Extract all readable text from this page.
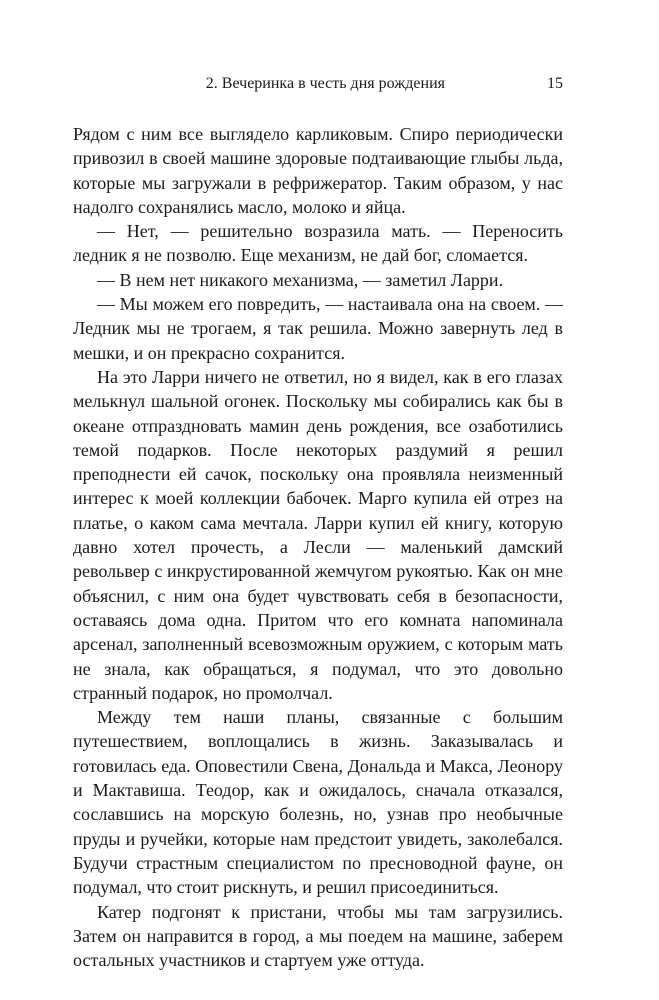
2. Вечеринка в честь дня рождения	15

Рядом с ним все выглядело карликовым. Спиро периодически привозил в своей машине здоровые подтаивающие глыбы льда, которые мы загружали в рефрижератор. Таким образом, у нас надолго сохранялись масло, молоко и яйца.

— Нет, — решительно возразила мать. — Переносить ледник я не позволю. Еще механизм, не дай бог, сломается.

— В нем нет никакого механизма, — заметил Ларри.

— Мы можем его повредить, — настаивала она на своем. — Ледник мы не трогаем, я так решила. Можно завернуть лед в мешки, и он прекрасно сохранится.

На это Ларри ничего не ответил, но я видел, как в его глазах мелькнул шальной огонек. Поскольку мы собирались как бы в океане отпраздновать мамин день рождения, все озаботились темой подарков. После некоторых раздумий я решил преподнести ей сачок, поскольку она проявляла неизменный интерес к моей коллекции бабочек. Марго купила ей отрез на платье, о каком сама мечтала. Ларри купил ей книгу, которую давно хотел прочесть, а Лесли — маленький дамский револьвер с инкрустированной жемчугом рукоятью. Как он мне объяснил, с ним она будет чувствовать себя в безопасности, оставаясь дома одна. Притом что его комната напоминала арсенал, заполненный всевозможным оружием, с которым мать не знала, как обращаться, я подумал, что это довольно странный подарок, но промолчал.

Между тем наши планы, связанные с большим путешествием, воплощались в жизнь. Заказывалась и готовилась еда. Оповестили Свена, Дональда и Макса, Леонору и Мактавиша. Теодор, как и ожидалось, сначала отказался, сославшись на морскую болезнь, но, узнав про необычные пруды и ручейки, которые нам предстоит увидеть, заколебался. Будучи страстным специалистом по пресноводной фауне, он подумал, что стоит рискнуть, и решил присоединиться.

Катер подгонят к пристани, чтобы мы там загрузились. Затем он направится в город, а мы поедем на машине, заберем остальных участников и стартуем уже оттуда.
